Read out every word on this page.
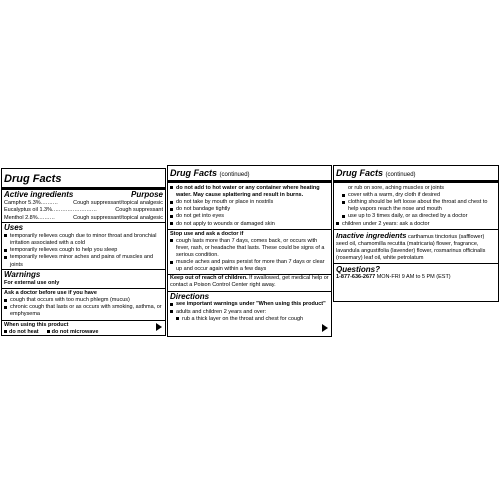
Drug Facts
Active ingredients	Purpose
Camphor 5.3% ..........	Cough suppressant/topical analgesic
Eucalyptus oil 1.3% ..........................	Cough suppressant
Menthol 2.8% ..........	Cough suppressant/topical analgesic
Uses
temporarily relieves cough due to minor throat and bronchial irritation associated with a cold
temporarily relieves cough to help you sleep
temporarily relieves minor aches and pains of muscles and joints
Warnings
For external use only
Ask a doctor before use if you have
cough that occurs with too much phlegm (mucus)
chronic cough that lasts or as occurs with smoking, asthma, or emphysema
When using this product
do not heat	do not microwave
Drug Facts (continued)
do not add to hot water or any container where heating water. May cause splattering and result in burns.
do not take by mouth or place in nostrils
do not bandage tightly
do not get into eyes
do not apply to wounds or damaged skin
Stop use and ask a doctor if
cough lasts more than 7 days, comes back, or occurs with fever, rash, or headache that lasts. These could be signs of a serious condition.
muscle aches and pains persist for more than 7 days or clear up and occur again within a few days
Keep out of reach of children. If swallowed, get medical help or contact a Poison Control Center right away.
Directions
see important warnings under "When using this product"
adults and children 2 years and over:
rub a thick layer on the throat and chest for cough
Drug Facts (continued)
or rub on sore, aching muscles or joints
cover with a warm, dry cloth if desired
clothing should be left loose about the throat and chest to help vapors reach the nose and mouth
use up to 3 times daily, or as directed by a doctor
children under 2 years: ask a doctor
Inactive ingredients carthamus tinctorius (safflower) seed oil, chamomilla recutita (matricaria) flower, fragrance, lavandula angustifolia (lavender) flower, rosmarinus officinalis (rosemary) leaf oil, white petrolatum
Questions?
1-877-636-2677 MON-FRI 9 AM to 5 PM (EST)
